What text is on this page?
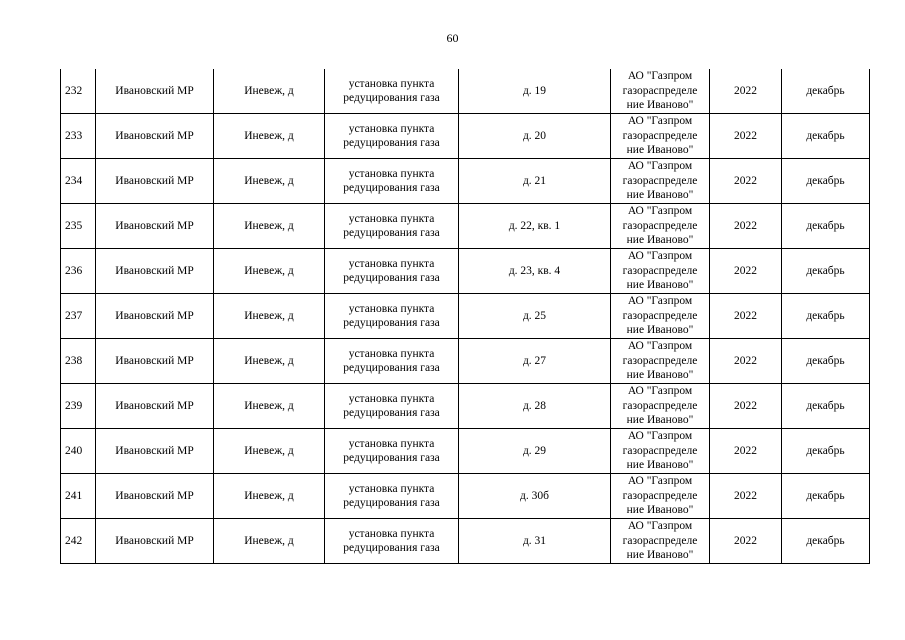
60
232	Ивановский МР	Иневеж, д	установка пункта
редуцирования газа	д. 19	АО "Газпром
газораспределе
ние Иваново"	2022	декабрь
233	Ивановский МР	Иневеж, д	установка пункта
редуцирования газа	д. 20	АО "Газпром
газораспределе
ние Иваново"	2022	декабрь
234	Ивановский МР	Иневеж, д	установка пункта
редуцирования газа	д. 21	АО "Газпром
газораспределе
ние Иваново"	2022	декабрь
235	Ивановский МР	Иневеж, д	установка пункта
редуцирования газа	д. 22, кв. 1	АО "Газпром
газораспределе
ние Иваново"	2022	декабрь
236	Ивановский МР	Иневеж, д	установка пункта
редуцирования газа	д. 23, кв. 4	АО "Газпром
газораспределе
ние Иваново"	2022	декабрь
237	Ивановский МР	Иневеж, д	установка пункта
редуцирования газа	д. 25	АО "Газпром
газораспределе
ние Иваново"	2022	декабрь
238	Ивановский МР	Иневеж, д	установка пункта
редуцирования газа	д. 27	АО "Газпром
газораспределе
ние Иваново"	2022	декабрь
239	Ивановский МР	Иневеж, д	установка пункта
редуцирования газа	д. 28	АО "Газпром
газораспределе
ние Иваново"	2022	декабрь
240	Ивановский МР	Иневеж, д	установка пункта
редуцирования газа	д. 29	АО "Газпром
газораспределе
ние Иваново"	2022	декабрь
241	Ивановский МР	Иневеж, д	установка пункта
редуцирования газа	д. 30б	АО "Газпром
газораспределе
ние Иваново"	2022	декабрь
242	Ивановский МР	Иневеж, д	установка пункта
редуцирования газа	д. 31	АО "Газпром
газораспределе
ние Иваново"	2022	декабрь
